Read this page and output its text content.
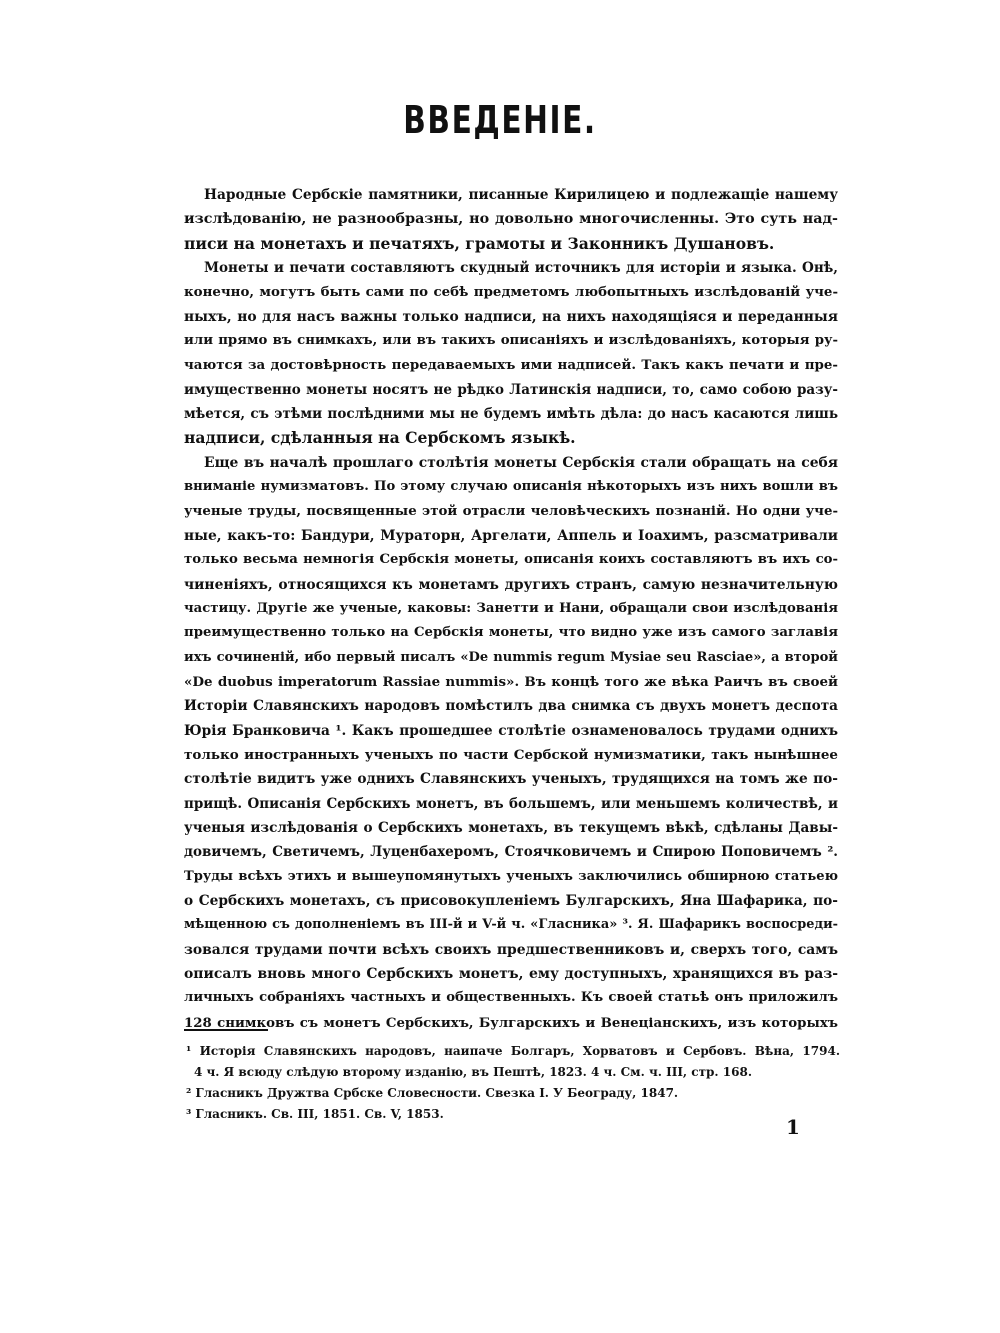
ВВЕДЕНІЕ.
Народные Сербскіе памятники, писанные Кирилицею и подлежащіе нашему
изслѣдованію, не разнообразны, но довольно многочисленны. Это суть над-
писи на монетахъ и печатяхъ, грамоты и Законникъ Душановъ.
Монеты и печати составляютъ скудный источникъ для исторіи и языка. Онѣ,
конечно, могутъ быть сами по себѣ предметомъ любопытныхъ изслѣдованій уче-
ныхъ, но для насъ важны только надписи, на нихъ находящіяся и переданныя
или прямо въ снимкахъ, или въ такихъ описаніяхъ и изслѣдованіяхъ, которыя ру-
чаются за достовѣрность передаваемыхъ ими надписей. Такъ какъ печати и пре-
имущественно монеты носятъ не рѣдко Латинскія надписи, то, само собою разу-
мѣется, съ этѣми послѣдними мы не будемъ имѣть дѣла: до насъ касаются лишь
надписи, сдѣланныя на Сербскомъ языкѣ.
Еще въ началѣ прошлаго столѣтія монеты Сербскія стали обращать на себя
вниманіе нумизматовъ. По этому случаю описанія нѣкоторыхъ изъ нихъ вошли въ
ученые труды, посвященные этой отрасли человѣческихъ познаній. Но одни уче-
ные, какъ-то: Бандури, Мураторн, Аргелати, Аппель и Іоахимъ, разсматривали
только весьма немногія Сербскія монеты, описанія коихъ составляютъ въ ихъ со-
чиненіяхъ, относящихся къ монетамъ другихъ странъ, самую незначительную
частицу. Другіе же ученые, каковы: Занетти и Нани, обращали свои изслѣдованія
преимущественно только на Сербскія монеты, что видно уже изъ самого заглавія
ихъ сочиненій, ибо первый писалъ «De nummis regum Mysiae seu Rasciae», а второй
«De duobus imperatorum Rassiae nummis». Въ концѣ того же вѣка Раичъ въ своей
Исторіи Славянскихъ народовъ помѣстилъ два снимка съ двухъ монетъ деспота
Юрія Бранковича ¹. Какъ прошедшее столѣтіе ознаменовалось трудами однихъ
только иностранныхъ ученыхъ по части Сербской нумизматики, такъ нынѣшнее
столѣтіе видитъ уже однихъ Славянскихъ ученыхъ, трудящихся на томъ же по-
прищѣ. Описанія Сербскихъ монетъ, въ большемъ, или меньшемъ количествѣ, и
ученыя изслѣдованія о Сербскихъ монетахъ, въ текущемъ вѣкѣ, сдѣланы Давы-
довичемъ, Светичемъ, Луценбахеромъ, Стоячковичемъ и Спирою Поповичемъ ².
Труды всѣхъ этихъ и вышеупомянутыхъ ученыхъ заключились обширною статьею
о Сербскихъ монетахъ, съ присовокупленіемъ Булгарскихъ, Яна Шафарика, по-
мѣщенною съ дополненіемъ въ III-й и V-й ч. «Гласника» ³. Я. Шафарикъ воспосреди-
зовался трудами почти всѣхъ своихъ предшественниковъ и, сверхъ того, самъ
описалъ вновь много Сербскихъ монетъ, ему доступныхъ, хранящихся въ раз-
личныхъ собраніяхъ частныхъ и общественныхъ. Къ своей статьѣ онъ приложилъ
128 снимковъ съ монетъ Сербскихъ, Булгарскихъ и Венеціанскихъ, изъ которыхъ
¹ Исторія Славянскихъ народовъ, наипаче Болгаръ, Хорватовъ и Сербовъ. Вѣна, 1794.
4 ч. Я всюду слѣдую второму изданію, въ Пештѣ, 1823. 4 ч. См. ч. III, стр. 168.
² Гласникъ Дружтва Србске Словесности. Свезка I. У Београду, 1847.
³ Гласникъ. Св. III, 1851. Св. V, 1853.
1
